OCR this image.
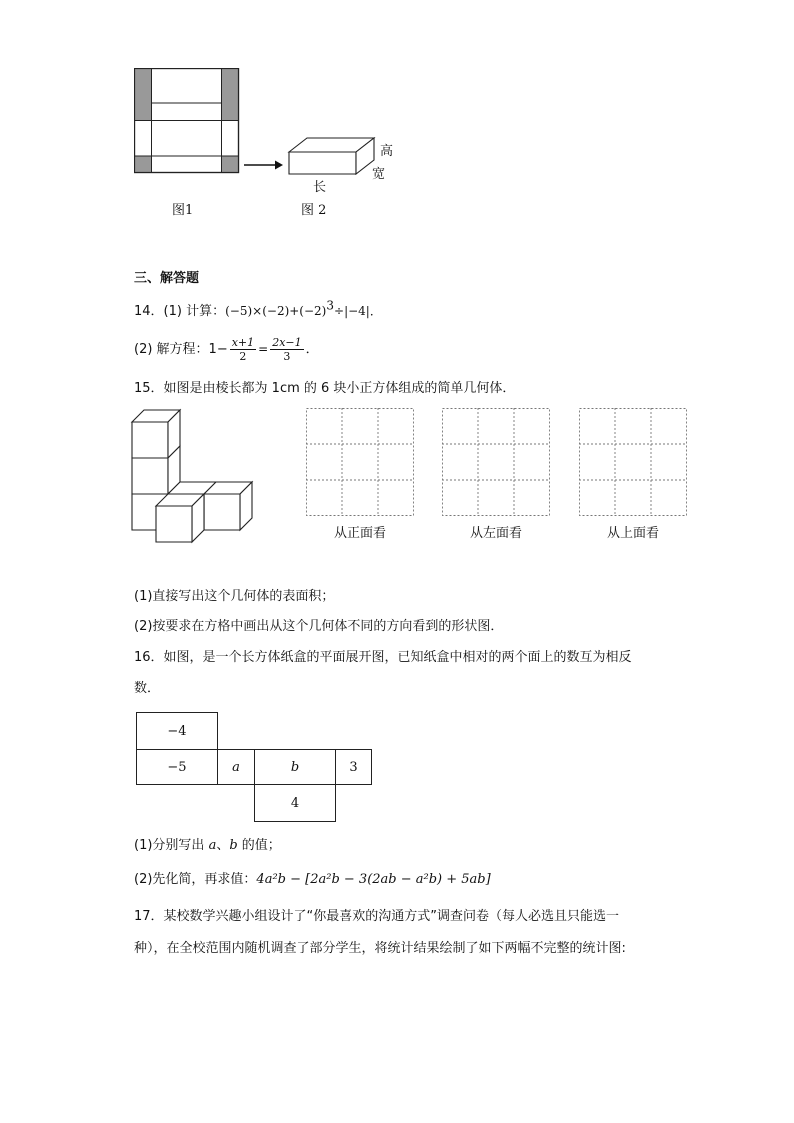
高
宽
长
图1	图 2
三、解答题
14．(1) 计算：$(-5)\times(-2)+(-2)^3\div|-4|$．
(2) 解方程：$1- \frac{x+1}{2} = \frac{2x-1}{3}$ ．
15．如图是由棱长都为 1cm 的 6 块小正方体组成的简单几何体．
从正面看	从左面看	从上面看
(1)直接写出这个几何体的表面积；
(2)按要求在方格中画出从这个几何体不同的方向看到的形状图．
16．如图，是一个长方体纸盒的平面展开图，已知纸盒中相对的两个面上的数互为相反
数．
−4
−5	a	b	3
4
(1)分别写出 a、b 的值；
(2)先化简，再求值：4a²b − [2a²b − 3(2ab − a²b) + 5ab]
17．某校数学兴趣小组设计了“你最喜欢的沟通方式”调查问卷（每人必选且只能选一
种），在全校范围内随机调查了部分学生，将统计结果绘制了如下两幅不完整的统计图:
